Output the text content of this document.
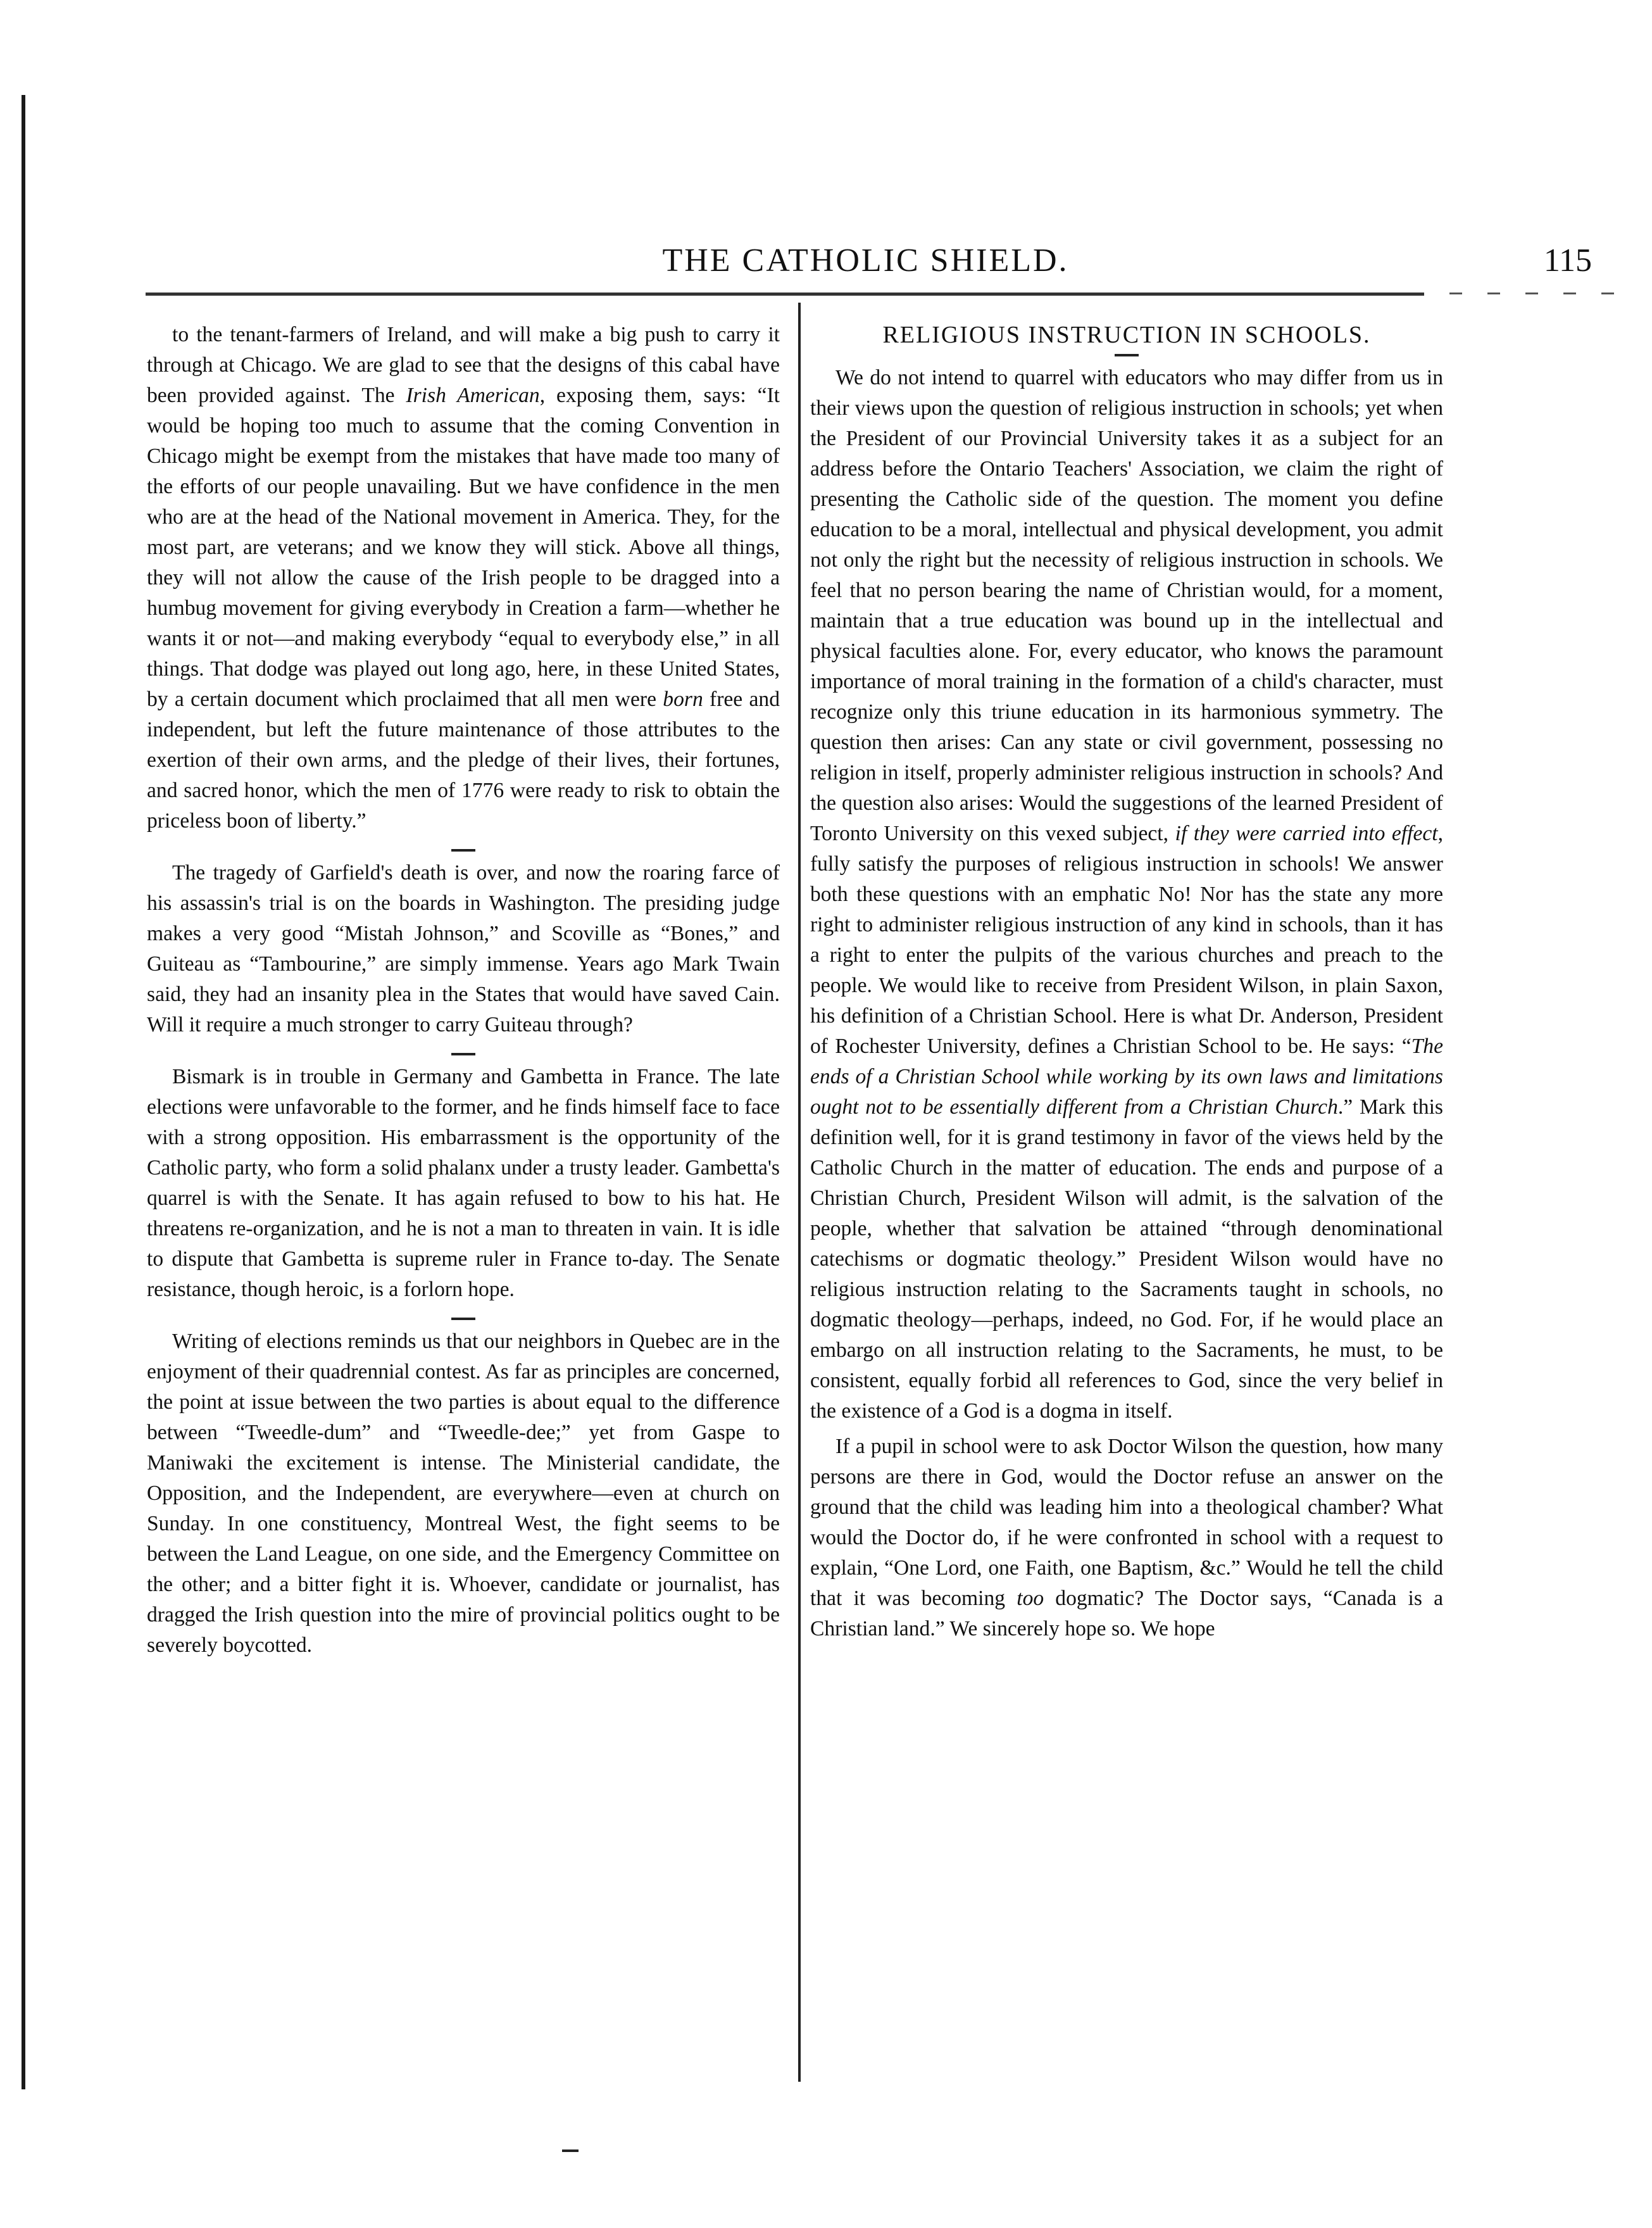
THE CATHOLIC SHIELD.	115

to the tenant-farmers of Ireland, and will make a big push to carry it through at Chicago. We are glad to see that the designs of this cabal have been provided against. The Irish American, exposing them, says: “It would be hoping too much to assume that the coming Convention in Chicago might be exempt from the mistakes that have made too many of the efforts of our people unavailing. But we have confidence in the men who are at the head of the National movement in America. They, for the most part, are veterans; and we know they will stick. Above all things, they will not allow the cause of the Irish people to be dragged into a humbug movement for giving everybody in Creation a farm—whether he wants it or not—and making everybody “equal to everybody else,” in all things. That dodge was played out long ago, here, in these United States, by a certain document which proclaimed that all men were born free and independent, but left the future maintenance of those attributes to the exertion of their own arms, and the pledge of their lives, their fortunes, and sacred honor, which the men of 1776 were ready to risk to obtain the priceless boon of liberty.”

The tragedy of Garfield's death is over, and now the roaring farce of his assassin's trial is on the boards in Washington. The presiding judge makes a very good “Mistah Johnson,” and Scoville as “Bones,” and Guiteau as “Tambourine,” are simply immense. Years ago Mark Twain said, they had an insanity plea in the States that would have saved Cain. Will it require a much stronger to carry Guiteau through?

Bismark is in trouble in Germany and Gambetta in France. The late elections were unfavorable to the former, and he finds himself face to face with a strong opposition. His embarrassment is the opportunity of the Catholic party, who form a solid phalanx under a trusty leader. Gambetta's quarrel is with the Senate. It has again refused to bow to his hat. He threatens re-organization, and he is not a man to threaten in vain. It is idle to dispute that Gambetta is supreme ruler in France to-day. The Senate resistance, though heroic, is a forlorn hope.

Writing of elections reminds us that our neighbors in Quebec are in the enjoyment of their quadrennial contest. As far as principles are concerned, the point at issue between the two parties is about equal to the difference between “Tweedle-dum” and “Tweedle-dee;” yet from Gaspe to Maniwaki the excitement is intense. The Ministerial candidate, the Opposition, and the Independent, are everywhere—even at church on Sunday. In one constituency, Montreal West, the fight seems to be between the Land League, on one side, and the Emergency Committee on the other; and a bitter fight it is. Whoever, candidate or journalist, has dragged the Irish question into the mire of provincial politics ought to be severely boycotted.

RELIGIOUS INSTRUCTION IN SCHOOLS.

We do not intend to quarrel with educators who may differ from us in their views upon the question of religious instruction in schools; yet when the President of our Provincial University takes it as a subject for an address before the Ontario Teachers' Association, we claim the right of presenting the Catholic side of the question. The moment you define education to be a moral, intellectual and physical development, you admit not only the right but the necessity of religious instruction in schools. We feel that no person bearing the name of Christian would, for a moment, maintain that a true education was bound up in the intellectual and physical faculties alone. For, every educator, who knows the paramount importance of moral training in the formation of a child's character, must recognize only this triune education in its harmonious symmetry. The question then arises: Can any state or civil government, possessing no religion in itself, properly administer religious instruction in schools? And the question also arises: Would the suggestions of the learned President of Toronto University on this vexed subject, if they were carried into effect, fully satisfy the purposes of religious instruction in schools! We answer both these questions with an emphatic No! Nor has the state any more right to administer religious instruction of any kind in schools, than it has a right to enter the pulpits of the various churches and preach to the people. We would like to receive from President Wilson, in plain Saxon, his definition of a Christian School. Here is what Dr. Anderson, President of Rochester University, defines a Christian School to be. He says: “The ends of a Christian School while working by its own laws and limitations ought not to be essentially different from a Christian Church.” Mark this definition well, for it is grand testimony in favor of the views held by the Catholic Church in the matter of education. The ends and purpose of a Christian Church, President Wilson will admit, is the salvation of the people, whether that salvation be attained “through denominational catechisms or dogmatic theology.” President Wilson would have no religious instruction relating to the Sacraments taught in schools, no dogmatic theology—perhaps, indeed, no God. For, if he would place an embargo on all instruction relating to the Sacraments, he must, to be consistent, equally forbid all references to God, since the very belief in the existence of a God is a dogma in itself.

If a pupil in school were to ask Doctor Wilson the question, how many persons are there in God, would the Doctor refuse an answer on the ground that the child was leading him into a theological chamber? What would the Doctor do, if he were confronted in school with a request to explain, “One Lord, one Faith, one Baptism, &c.” Would he tell the child that it was becoming too dogmatic? The Doctor says, “Canada is a Christian land.” We sincerely hope so. We hope
